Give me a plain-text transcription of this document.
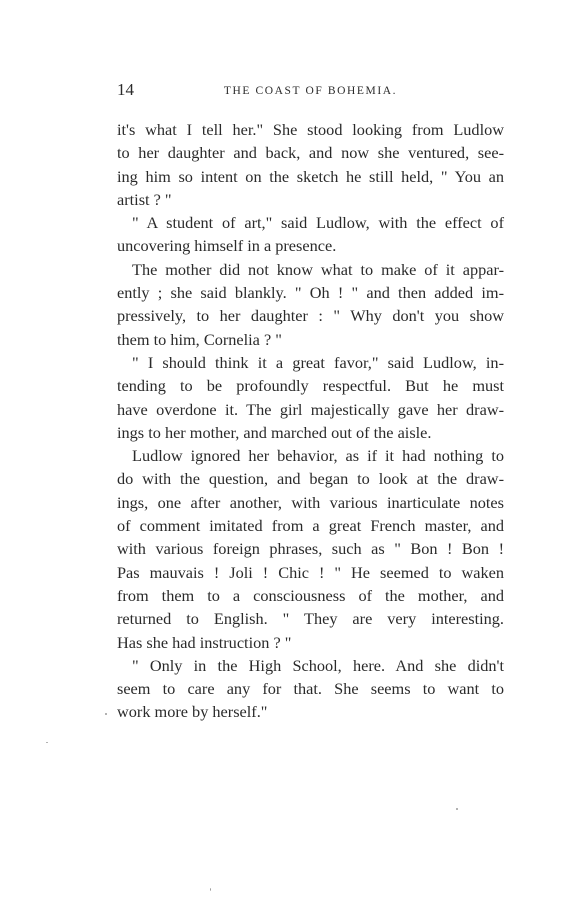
14	THE COAST OF BOHEMIA.
it's what I tell her." She stood looking from Ludlow
to her daughter and back, and now she ventured, see-
ing him so intent on the sketch he still held, " You an
artist ? "
" A student of art," said Ludlow, with the effect of
uncovering himself in a presence.
The mother did not know what to make of it appar-
ently ; she said blankly. " Oh ! " and then added im-
pressively, to her daughter : " Why don't you show
them to him, Cornelia ? "
" I should think it a great favor," said Ludlow, in-
tending to be profoundly respectful. But he must
have overdone it. The girl majestically gave her draw-
ings to her mother, and marched out of the aisle.
Ludlow ignored her behavior, as if it had nothing to
do with the question, and began to look at the draw-
ings, one after another, with various inarticulate notes
of comment imitated from a great French master, and
with various foreign phrases, such as " Bon ! Bon !
Pas mauvais ! Joli ! Chic ! " He seemed to waken
from them to a consciousness of the mother, and
returned to English. " They are very interesting.
Has she had instruction ? "
" Only in the High School, here. And she didn't
seem to care any for that. She seems to want to
work more by herself."
